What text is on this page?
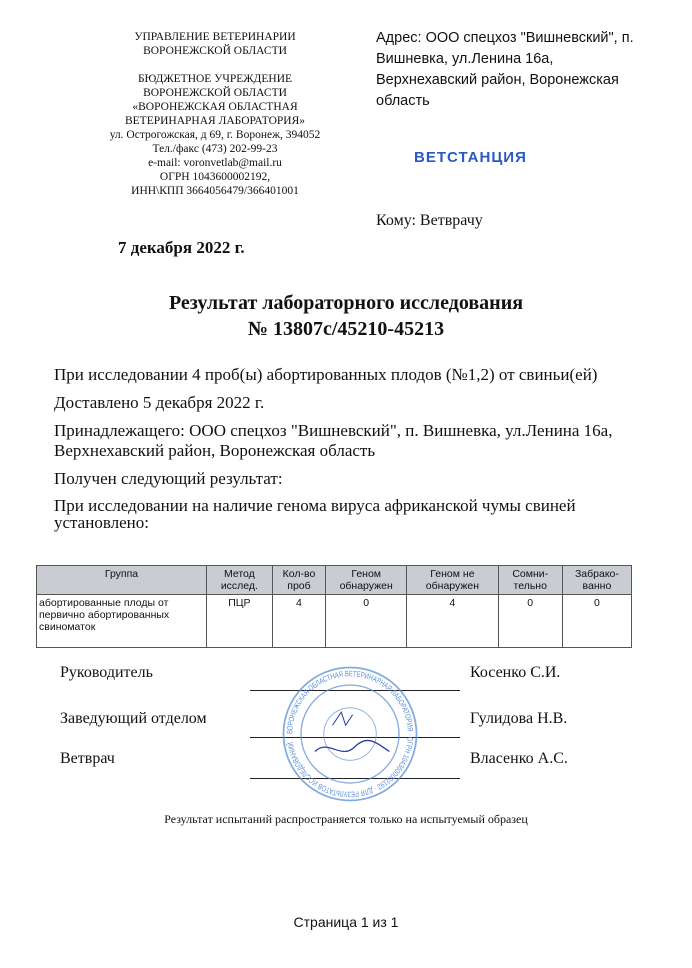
УПРАВЛЕНИЕ ВЕТЕРИНАРИИ
ВОРОНЕЖСКОЙ ОБЛАСТИ
БЮДЖЕТНОЕ УЧРЕЖДЕНИЕ
ВОРОНЕЖСКОЙ ОБЛАСТИ
«ВОРОНЕЖСКАЯ ОБЛАСТНАЯ
ВЕТЕРИНАРНАЯ ЛАБОРАТОРИЯ»
ул. Острогожская, д 69, г. Воронеж, 394052
Тел./факс (473) 202-99-23
e-mail: voronvetlab@mail.ru
ОГРН 1043600002192,
ИНН\КПП 3664056479/366401001
Адрес: ООО спецхоз "Вишневский", п. Вишневка, ул.Ленина 16а, Верхнехавский район, Воронежская область
ВЕТСТАНЦИЯ
Кому: Ветврачу
7 декабря 2022 г.
Результат лабораторного исследования
№ 13807с/45210-45213

При исследовании 4 проб(ы) абортированных плодов (№1,2) от свиньи(ей)

Доставлено 5 декабря 2022 г.

Принадлежащего: ООО спецхоз "Вишневский", п. Вишневка, ул.Ленина 16а, Верхнехавский район, Воронежская область

Получен следующий результат:

При исследовании на наличие генома вируса африканской чумы свиней установлено:

Группа	Метод исслед.	Кол-во проб	Геном обнаружен	Геном не обнаружен	Сомни-тельно	Забрако-ванно
абортированные плоды от первично абортированных свиноматок	ПЦР	4	0	4	0	0
Руководитель	Косенко С.И.
Заведующий отделом	Гулидова Н.В.
Ветврач	Власенко А.С.
ВОРОНЕЖСКАЯ ОБЛАСТНАЯ ВЕТЕРИНАРНАЯ ЛАБОРАТОРИЯ · ОГРН 1043600002192 · ДЛЯ РЕЗУЛЬТАТОВ ИССЛЕДОВАНИЙ
Результат испытаний распространяется только на испытуемый образец
Страница 1 из 1
